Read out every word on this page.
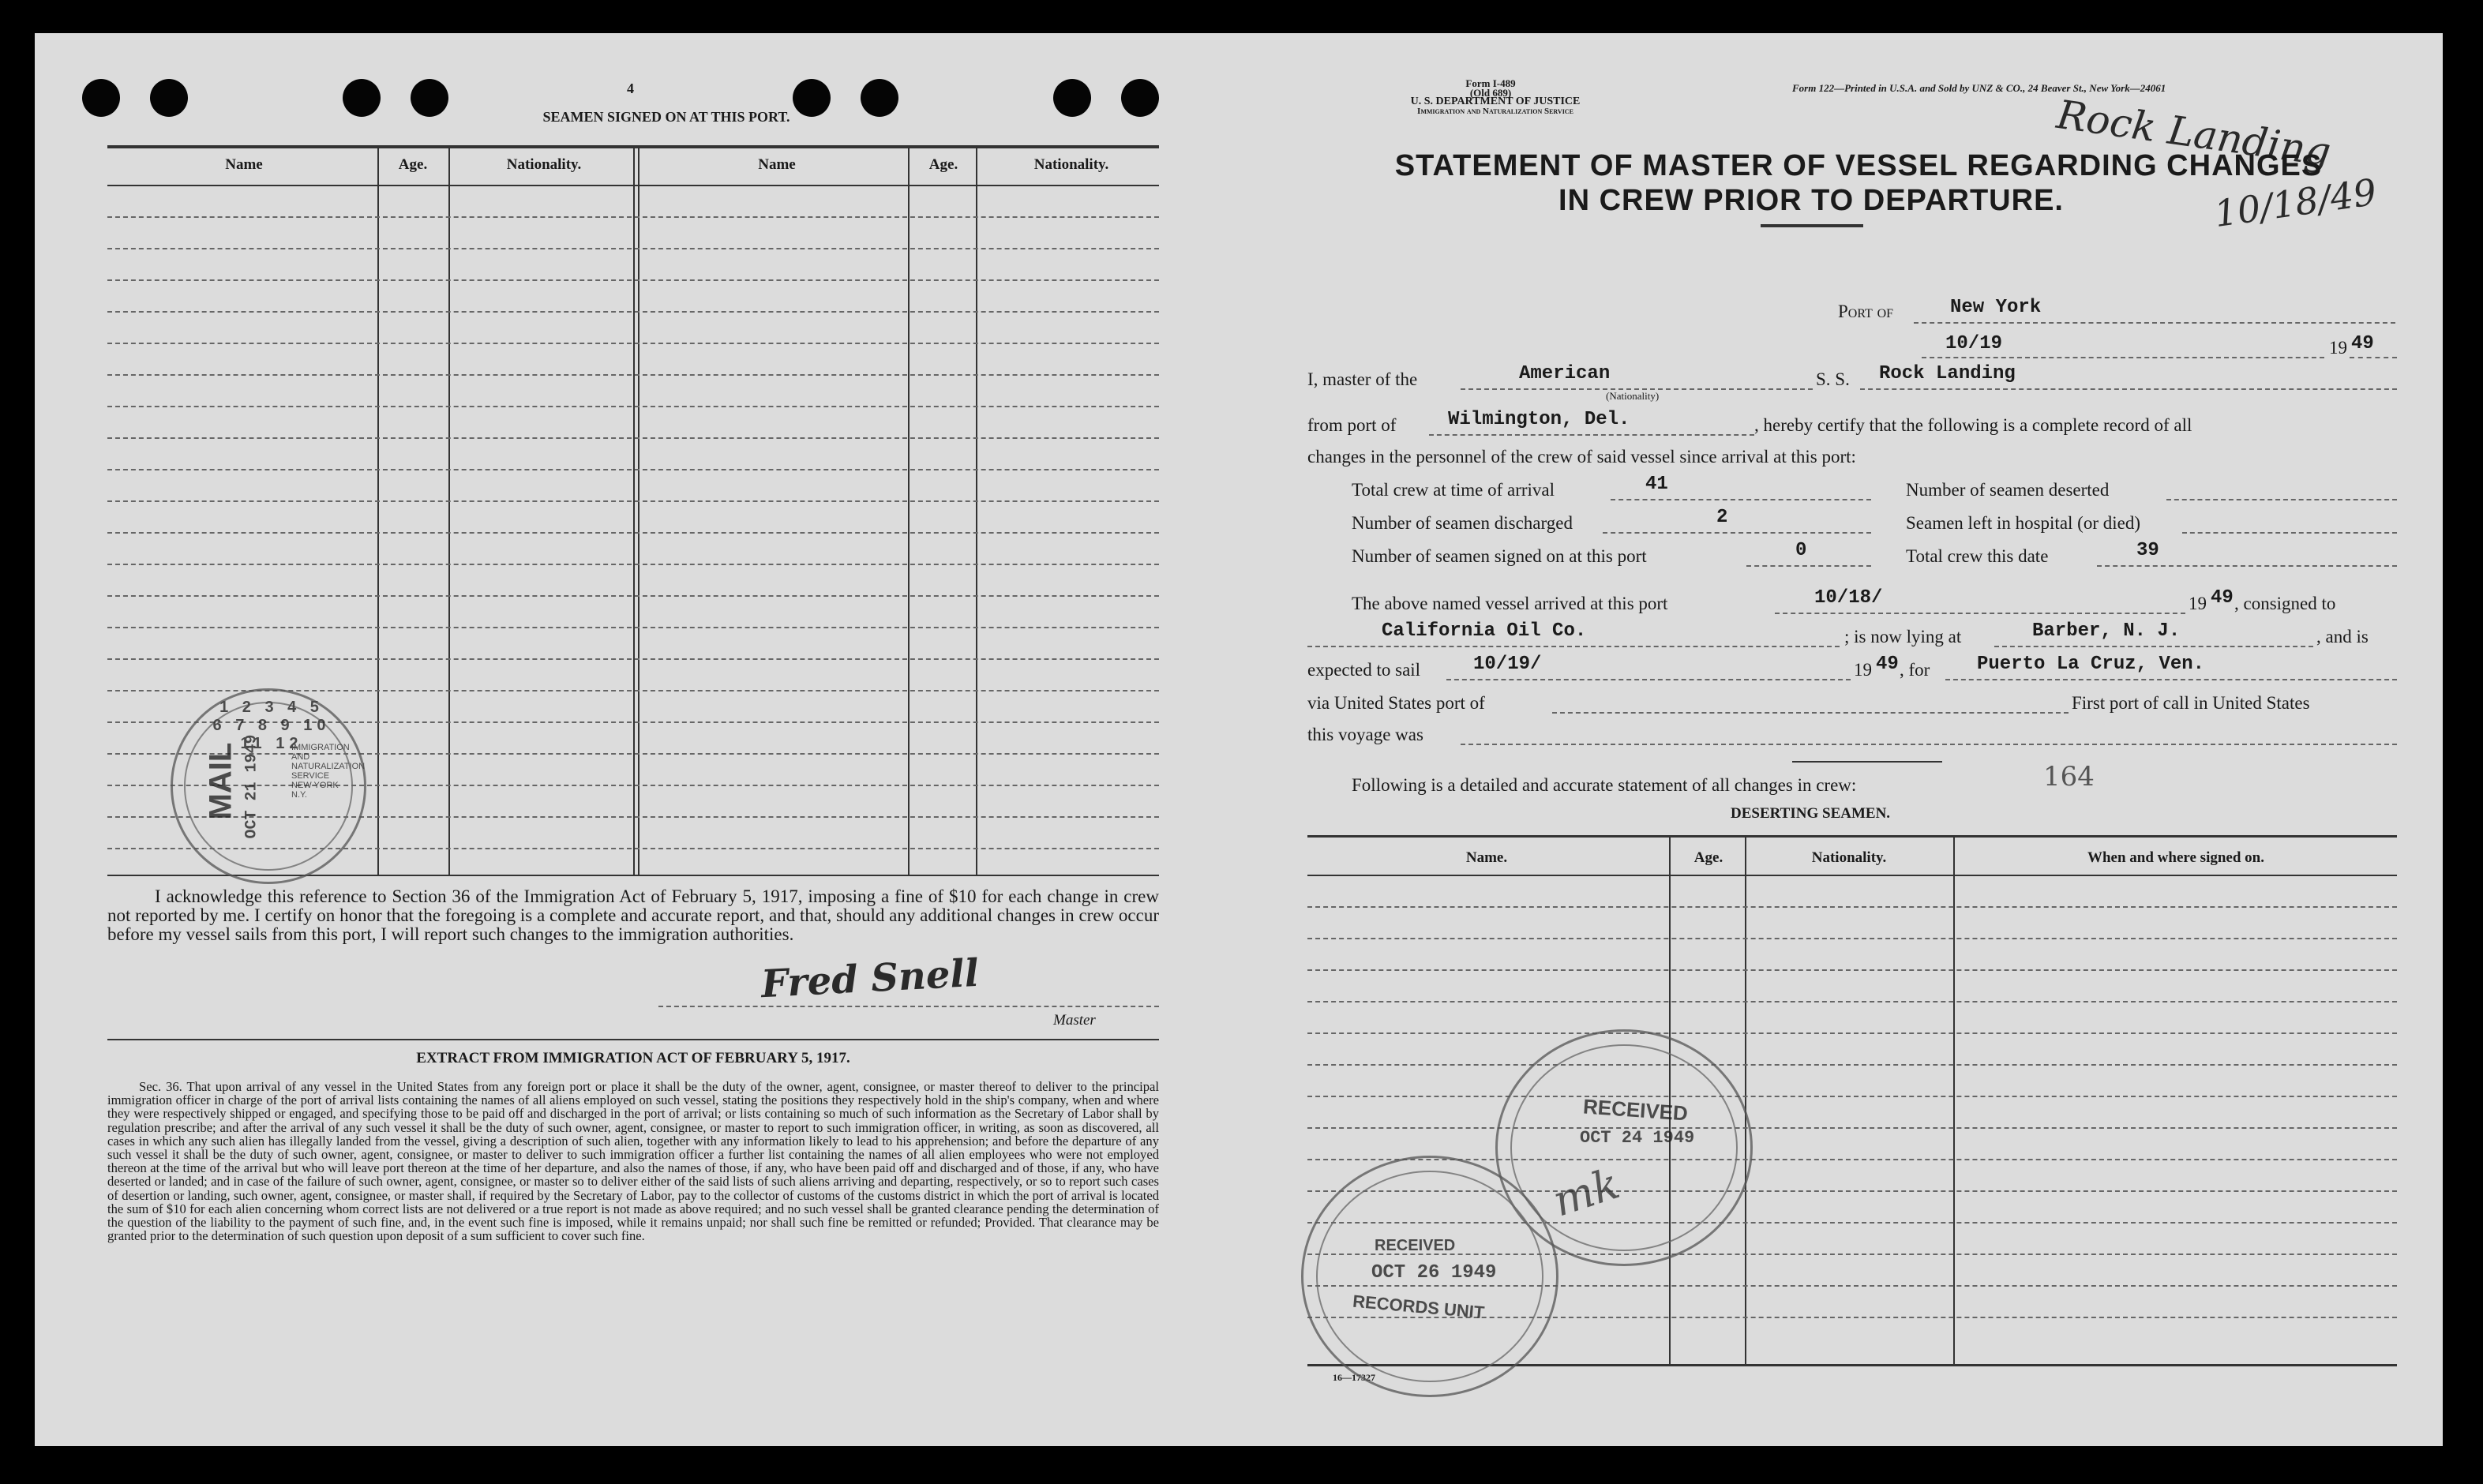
4
SEAMEN SIGNED ON AT THIS PORT.
Name	Age.	Nationality.	Name	Age.	Nationality.
I acknowledge this reference to Section 36 of the Immigration Act of February 5, 1917, imposing a fine of $10 for each change in crew not reported by me. I certify on honor that the foregoing is a complete and accurate report, and that, should any additional changes in crew occur before my vessel sails from this port, I will report such changes to the immigration authorities.
Fred Snell
Master
EXTRACT FROM IMMIGRATION ACT OF FEBRUARY 5, 1917.
Sec. 36. That upon arrival of any vessel in the United States from any foreign port or place it shall be the duty of the owner, agent, consignee, or master thereof to deliver to the principal immigration officer in charge of the port of arrival lists containing the names of all aliens employed on such vessel, stating the positions they respectively hold in the ship's company, when and where they were respectively shipped or engaged, and specifying those to be paid off and discharged in the port of arrival; or lists containing so much of such information as the Secretary of Labor shall by regulation prescribe; and after the arrival of any such vessel it shall be the duty of such owner, agent, consignee, or master to report to such immigration officer, in writing, as soon as discovered, all cases in which any such alien has illegally landed from the vessel, giving a description of such alien, together with any information likely to lead to his apprehension; and before the departure of any such vessel it shall be the duty of such owner, agent, consignee, or master to deliver to such immigration officer a further list containing the names of all alien employees who were not employed thereon at the time of the arrival but who will leave port thereon at the time of her departure, and also the names of those, if any, who have been paid off and discharged and of those, if any, who have deserted or landed; and in case of the failure of such owner, agent, consignee, or master so to deliver either of the said lists of such aliens arriving and departing, respectively, or so to report such cases of desertion or landing, such owner, agent, consignee, or master shall, if required by the Secretary of Labor, pay to the collector of customs of the customs district in which the port of arrival is located the sum of $10 for each alien concerning whom correct lists are not delivered or a true report is not made as above required; and no such vessel shall be granted clearance pending the determination of the question of the liability to the payment of such fine, and, in the event such fine is imposed, while it remains unpaid; nor shall such fine be remitted or refunded; Provided. That clearance may be granted prior to the determination of such question upon deposit of a sum sufficient to cover such fine.
1 2 3 4 5 6 7 8 9 10 11 12
MAIL OCT 21 1949	IMMIGRATION AND
NATURALIZATION
SERVICE
NEW YORK
N.Y.
Form I-489
(Old 689)
U. S. DEPARTMENT OF JUSTICE
Immigration and Naturalization Service
Form 122—Printed in U.S.A. and Sold by UNZ & CO., 24 Beaver St., New York—24061
Rock Landing
10/18/49
STATEMENT OF MASTER OF VESSEL REGARDING CHANGES
IN CREW PRIOR TO DEPARTURE.
Port of	New York
10/19	19 49
I, master of the	American
(Nationality)
S. S. Rock Landing
from port of	Wilmington, Del.	, hereby certify that the following is a complete record of all
changes in the personnel of the crew of said vessel since arrival at this port:
Total crew at time of arrival	41	Number of seamen deserted
Number of seamen discharged	2	Seamen left in hospital (or died)
Number of seamen signed on at this port	0	Total crew this date	39
The above named vessel arrived at this port	10/18/	19 49 , consigned to
California Oil Co.	; is now lying at	Barber, N. J.	, and is
expected to sail	10/19/	19 49 , for Puerto La Cruz, Ven.
via United States port of	First port of call in United States
this voyage was
Following is a detailed and accurate statement of all changes in crew:	164
DESERTING SEAMEN.
Name.	Age.	Nationality.	When and where signed on.
16—17327
RECEIVED
OCT 24 1949
mk
RECEIVED
OCT 26 1949
RECORDS UNIT
